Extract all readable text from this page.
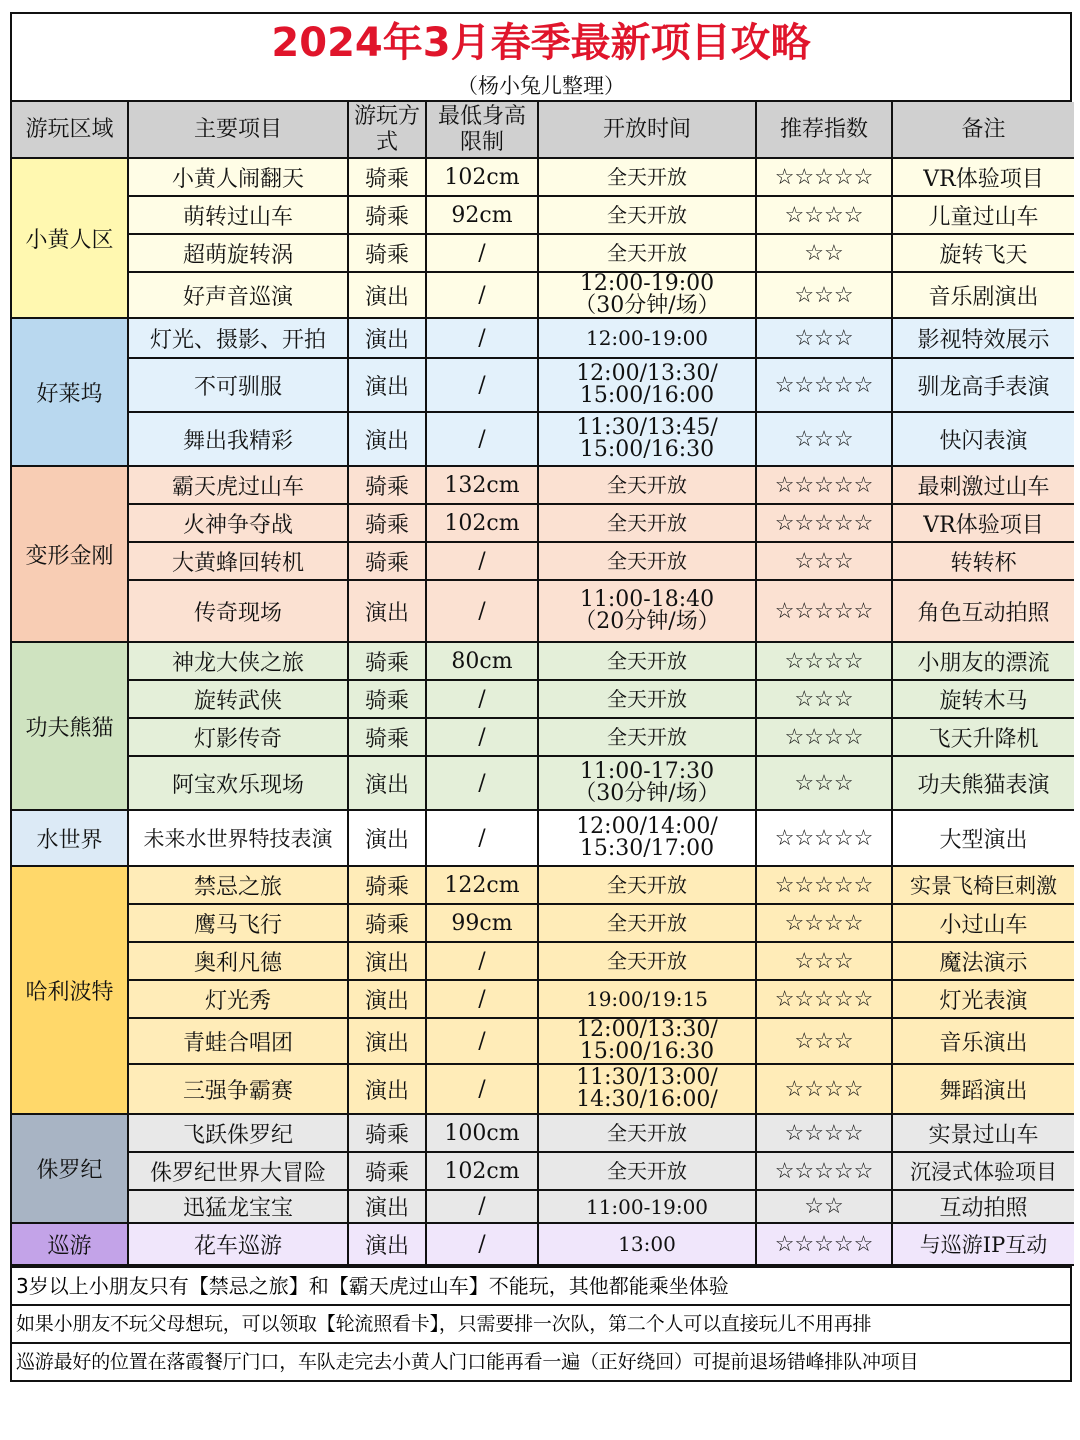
2024年3月春季最新项目攻略
（杨小兔儿整理）
游玩区域	主要项目	游玩方式	最低身高限制	开放时间	推荐指数	备注
小黄人区	小黄人闹翻天	骑乘	102cm	全天开放	☆☆☆☆☆	VR体验项目
	萌转过山车	骑乘	92cm	全天开放	☆☆☆☆	儿童过山车
	超萌旋转涡	骑乘	/	全天开放	☆☆	旋转飞天
	好声音巡演	演出	/	12:00-19:00
（30分钟/场）	☆☆☆	音乐剧演出
好莱坞	灯光、摄影、开拍	演出	/	12:00-19:00	☆☆☆	影视特效展示
	不可驯服	演出	/	12:00/13:30/
15:00/16:00	☆☆☆☆☆	驯龙高手表演
	舞出我精彩	演出	/	11:30/13:45/
15:00/16:30	☆☆☆	快闪表演
变形金刚	霸天虎过山车	骑乘	132cm	全天开放	☆☆☆☆☆	最刺激过山车
	火神争夺战	骑乘	102cm	全天开放	☆☆☆☆☆	VR体验项目
	大黄蜂回转机	骑乘	/	全天开放	☆☆☆	转转杯
	传奇现场	演出	/	11:00-18:40
（20分钟/场）	☆☆☆☆☆	角色互动拍照
功夫熊猫	神龙大侠之旅	骑乘	80cm	全天开放	☆☆☆☆	小朋友的漂流
	旋转武侠	骑乘	/	全天开放	☆☆☆	旋转木马
	灯影传奇	骑乘	/	全天开放	☆☆☆☆	飞天升降机
	阿宝欢乐现场	演出	/	11:00-17:30
（30分钟/场）	☆☆☆	功夫熊猫表演
水世界	未来水世界特技表演	演出	/	12:00/14:00/
15:30/17:00	☆☆☆☆☆	大型演出
哈利波特	禁忌之旅	骑乘	122cm	全天开放	☆☆☆☆☆	实景飞椅巨刺激
	鹰马飞行	骑乘	99cm	全天开放	☆☆☆☆	小过山车
	奥利凡德	演出	/	全天开放	☆☆☆	魔法演示
	灯光秀	演出	/	19:00/19:15	☆☆☆☆☆	灯光表演
	青蛙合唱团	演出	/	12:00/13:30/
15:00/16:30	☆☆☆	音乐演出
	三强争霸赛	演出	/	11:30/13:00/
14:30/16:00/	☆☆☆☆	舞蹈演出
侏罗纪	飞跃侏罗纪	骑乘	100cm	全天开放	☆☆☆☆	实景过山车
	侏罗纪世界大冒险	骑乘	102cm	全天开放	☆☆☆☆☆	沉浸式体验项目
	迅猛龙宝宝	演出	/	11:00-19:00	☆☆	互动拍照
巡游	花车巡游	演出	/	13:00	☆☆☆☆☆	与巡游IP互动
3岁以上小朋友只有【禁忌之旅】和【霸天虎过山车】不能玩，其他都能乘坐体验
如果小朋友不玩父母想玩，可以领取【轮流照看卡】，只需要排一次队，第二个人可以直接玩儿不用再排
巡游最好的位置在落霞餐厅门口，车队走完去小黄人门口能再看一遍（正好绕回）可提前退场错峰排队冲项目
